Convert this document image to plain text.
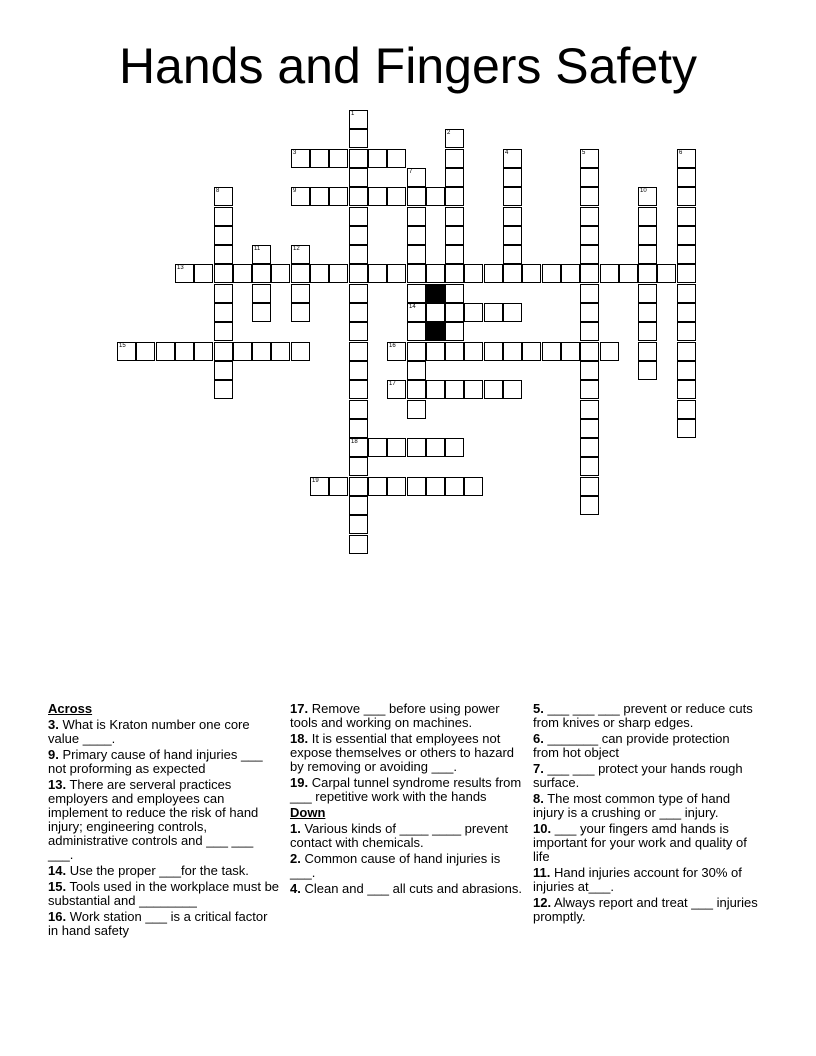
Hands and Fingers Safety
1
18
2
3	4	5	6
7
14
8	9	10
11	12
13
15	16
17
19
Across
3. What is Kraton number one core value ____.
9. Primary cause of hand injuries ___ not proforming as expected
13. There are serveral practices employers and employees can implement to reduce the risk of hand injury; engineering controls, administrative controls and ___ ___ ___.
14. Use the proper ___for the task.
15. Tools used in the workplace must be substantial and ________
16. Work station ___ is a critical factor in hand safety
17. Remove ___ before using power tools and working on machines.
18. It is essential that employees not expose themselves or others to hazard by removing or avoiding ___.
19. Carpal tunnel syndrome results from ___ repetitive work with the hands
Down
1. Various kinds of ____ ____ prevent contact with chemicals.
2. Common cause of hand injuries is ___.
4. Clean and ___ all cuts and abrasions.
5. ___ ___ ___ prevent or reduce cuts from knives or sharp edges.
6. _______ can provide protection from hot object
7. ___ ___ protect your hands rough surface.
8. The most common type of hand injury is a crushing or ___ injury.
10. ___ your fingers amd hands is important for your work and quality of life
11. Hand injuries account for 30% of injuries at___.
12. Always report and treat ___ injuries promptly.
